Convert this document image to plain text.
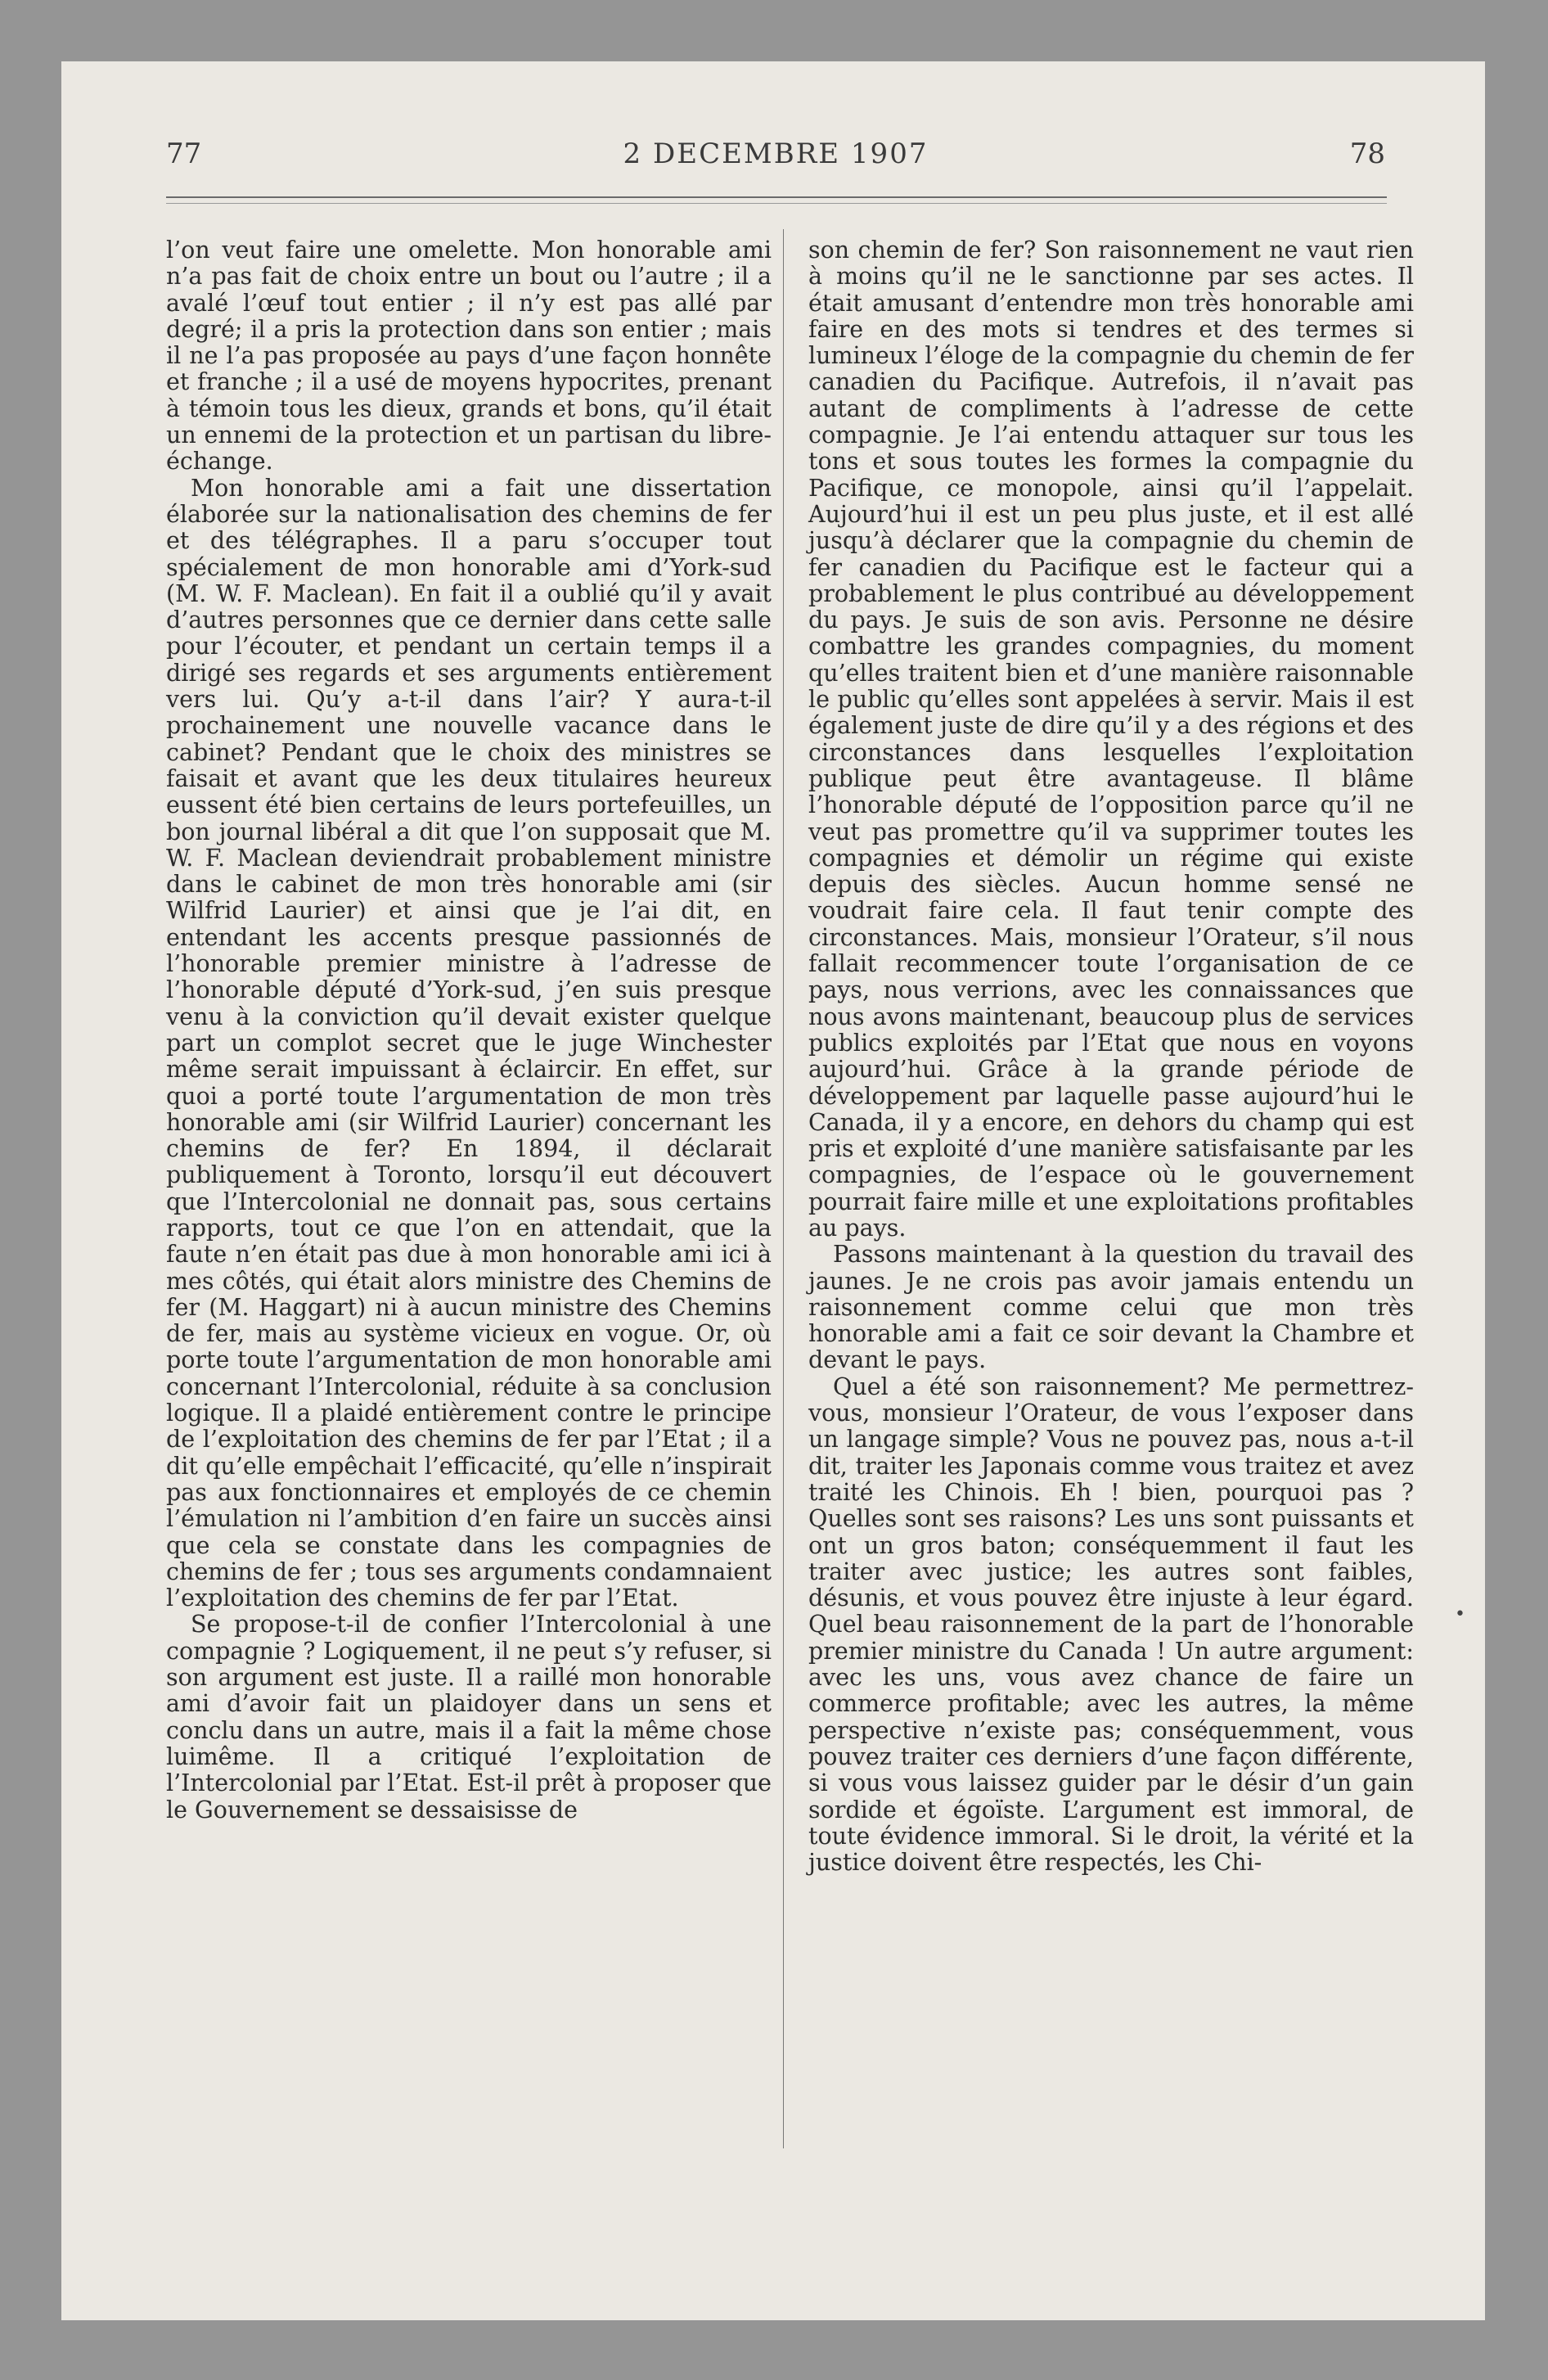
77	2 DECEMBRE 1907	78

l’on veut faire une omelette. Mon honorable ami n’a pas fait de choix entre un bout ou l’autre ; il a avalé l’œuf tout entier ; il n’y est pas allé par degré; il a pris la protection dans son entier ; mais il ne l’a pas proposée au pays d’une façon honnête et franche ; il a usé de moyens hypocrites, prenant à témoin tous les dieux, grands et bons, qu’il était un ennemi de la protection et un partisan du libre-échange.

Mon honorable ami a fait une dissertation élaborée sur la nationalisation des chemins de fer et des télégraphes. Il a paru s’occuper tout spécialement de mon honorable ami d’York-sud (M. W. F. Maclean). En fait il a oublié qu’il y avait d’autres personnes que ce dernier dans cette salle pour l’écouter, et pendant un certain temps il a dirigé ses regards et ses arguments entièrement vers lui. Qu’y a-t-il dans l’air? Y aura-t-il prochainement une nouvelle vacance dans le cabinet? Pendant que le choix des ministres se faisait et avant que les deux titulaires heureux eussent été bien certains de leurs portefeuilles, un bon journal libéral a dit que l’on supposait que M. W. F. Maclean deviendrait probablement ministre dans le cabinet de mon très honorable ami (sir Wilfrid Laurier) et ainsi que je l’ai dit, en entendant les accents presque passionnés de l’honorable premier ministre à l’adresse de l’honorable député d’York-sud, j’en suis presque venu à la conviction qu’il devait exister quelque part un complot secret que le juge Winchester même serait impuissant à éclaircir. En effet, sur quoi a porté toute l’argumentation de mon très honorable ami (sir Wilfrid Laurier) concernant les chemins de fer? En 1894, il déclarait publiquement à Toronto, lorsqu’il eut découvert que l’Intercolonial ne donnait pas, sous certains rapports, tout ce que l’on en attendait, que la faute n’en était pas due à mon honorable ami ici à mes côtés, qui était alors ministre des Chemins de fer (M. Haggart) ni à aucun ministre des Chemins de fer, mais au système vicieux en vogue. Or, où porte toute l’argumentation de mon honorable ami concernant l’Intercolonial, réduite à sa conclusion logique. Il a plaidé entièrement contre le principe de l’exploitation des chemins de fer par l’Etat ; il a dit qu’elle empêchait l’efficacité, qu’elle n’inspirait pas aux fonctionnaires et employés de ce chemin l’émulation ni l’ambition d’en faire un succès ainsi que cela se constate dans les compagnies de chemins de fer ; tous ses arguments condamnaient l’exploitation des chemins de fer par l’Etat.

Se propose-t-il de confier l’Intercolonial à une compagnie ? Logiquement, il ne peut s’y refuser, si son argument est juste. Il a raillé mon honorable ami d’avoir fait un plaidoyer dans un sens et conclu dans un autre, mais il a fait la même chose luimême. Il a critiqué l’exploitation de l’Intercolonial par l’Etat. Est-il prêt à proposer que le Gouvernement se dessaisisse de

son chemin de fer? Son raisonnement ne vaut rien à moins qu’il ne le sanctionne par ses actes. Il était amusant d’entendre mon très honorable ami faire en des mots si tendres et des termes si lumineux l’éloge de la compagnie du chemin de fer canadien du Pacifique. Autrefois, il n’avait pas autant de compliments à l’adresse de cette compagnie. Je l’ai entendu attaquer sur tous les tons et sous toutes les formes la compagnie du Pacifique, ce monopole, ainsi qu’il l’appelait. Aujourd’hui il est un peu plus juste, et il est allé jusqu’à déclarer que la compagnie du chemin de fer canadien du Pacifique est le facteur qui a probablement le plus contribué au développement du pays. Je suis de son avis. Personne ne désire combattre les grandes compagnies, du moment qu’elles traitent bien et d’une manière raisonnable le public qu’elles sont appelées à servir. Mais il est également juste de dire qu’il y a des régions et des circonstances dans lesquelles l’exploitation publique peut être avantageuse. Il blâme l’honorable député de l’opposition parce qu’il ne veut pas promettre qu’il va supprimer toutes les compagnies et démolir un régime qui existe depuis des siècles. Aucun homme sensé ne voudrait faire cela. Il faut tenir compte des circonstances. Mais, monsieur l’Orateur, s’il nous fallait recommencer toute l’organisation de ce pays, nous verrions, avec les connaissances que nous avons maintenant, beaucoup plus de services publics exploités par l’Etat que nous en voyons aujourd’hui. Grâce à la grande période de développement par laquelle passe aujourd’hui le Canada, il y a encore, en dehors du champ qui est pris et exploité d’une manière satisfaisante par les compagnies, de l’espace où le gouvernement pourrait faire mille et une exploitations profitables au pays.

Passons maintenant à la question du travail des jaunes. Je ne crois pas avoir jamais entendu un raisonnement comme celui que mon très honorable ami a fait ce soir devant la Chambre et devant le pays.

Quel a été son raisonnement? Me permettrez-vous, monsieur l’Orateur, de vous l’exposer dans un langage simple? Vous ne pouvez pas, nous a-t-il dit, traiter les Japonais comme vous traitez et avez traité les Chinois. Eh ! bien, pourquoi pas ? Quelles sont ses raisons? Les uns sont puissants et ont un gros baton; conséquemment il faut les traiter avec justice; les autres sont faibles, désunis, et vous pouvez être injuste à leur égard. Quel beau raisonnement de la part de l’honorable premier ministre du Canada ! Un autre argument: avec les uns, vous avez chance de faire un commerce profitable; avec les autres, la même perspective n’existe pas; conséquemment, vous pouvez traiter ces derniers d’une façon différente, si vous vous laissez guider par le désir d’un gain sordide et égoïste. L’argument est immoral, de toute évidence immoral. Si le droit, la vérité et la justice doivent être respectés, les Chi-

•
